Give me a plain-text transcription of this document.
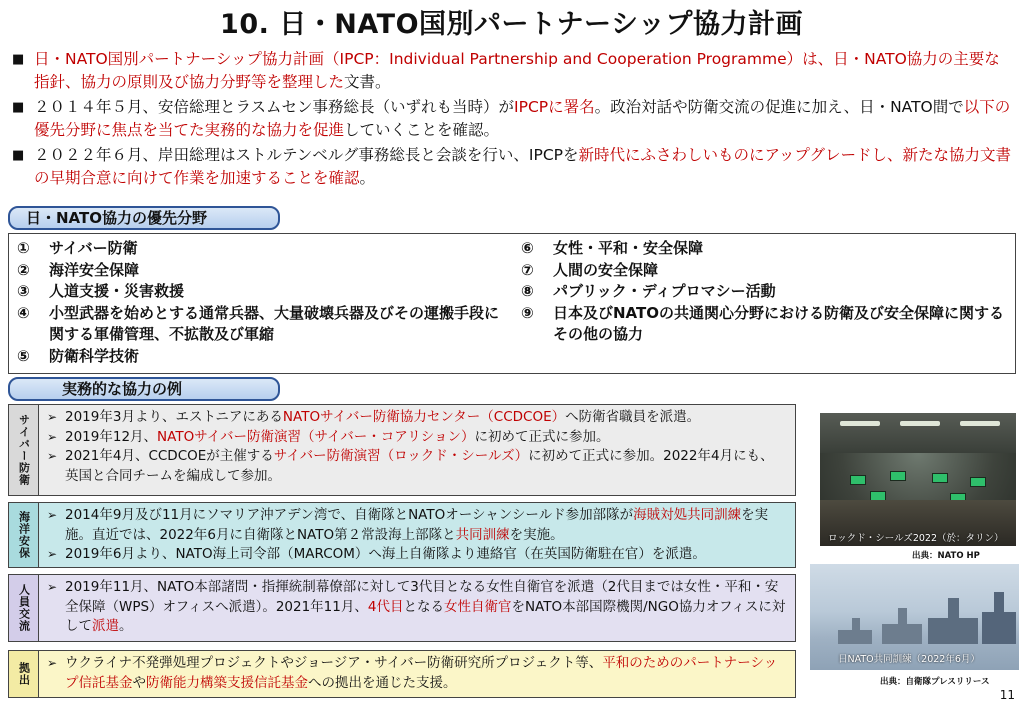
10. 日・NATO国別パートナーシップ協力計画
■ 日・NATO国別パートナーシップ協力計画（IPCP：Individual Partnership and Cooperation Programme）は、日・NATO協力の主要な指針、協力の原則及び協力分野等を整理した文書。
■ ２０１４年５月、安倍総理とラスムセン事務総長（いずれも当時）がIPCPに署名。政治対話や防衛交流の促進に加え、日・NATO間で以下の優先分野に焦点を当てた実務的な協力を促進していくことを確認。
■ ２０２２年６月、岸田総理はストルテンベルグ事務総長と会談を行い、IPCPを新時代にふさわしいものにアップグレードし、新たな協力文書の早期合意に向けて作業を加速することを確認。
日・NATO協力の優先分野
①	サイバー防衛
②	海洋安全保障
③	人道支援・災害救援
④	小型武器を始めとする通常兵器、大量破壊兵器及びその運搬手段に関する軍備管理、不拡散及び軍縮
⑤	防衛科学技術
⑥	女性・平和・安全保障
⑦	人間の安全保障
⑧	パブリック・ディプロマシー活動
⑨	日本及びNATOの共通関心分野における防衛及び安全保障に関するその他の協力
実務的な協力の例
サイバー防衛 ➢ 2019年3月より、エストニアにあるNATOサイバー防衛協力センター（CCDCOE）へ防衛省職員を派遣。
➢ 2019年12月、NATOサイバー防衛演習（サイバー・コアリション）に初めて正式に参加。
➢ 2021年4月、CCDCOEが主催するサイバー防衛演習（ロックド・シールズ）に初めて正式に参加。2022年4月にも、英国と合同チームを編成して参加。
海洋安保 ➢ 2014年9月及び11月にソマリア沖アデン湾で、自衛隊とNATOオーシャンシールド参加部隊が海賊対処共同訓練を実施。直近では、2022年6月に自衛隊とNATO第２常設海上部隊と共同訓練を実施。
➢ 2019年6月より、NATO海上司令部（MARCOM）へ海上自衛隊より連絡官（在英国防衛駐在官）を派遣。
人員交流 ➢ 2019年11月、NATO本部諸問・指揮統制幕僚部に対して3代目となる女性自衛官を派遣（2代目までは女性・平和・安全保障（WPS）オフィスへ派遣）。2021年11月、4代目となる女性自衛官をNATO本部国際機関/NGO協力オフィスに対して派遣。
拠出 ➢ ウクライナ不発弾処理プロジェクトやジョージア・サイバー防衛研究所プロジェクト等、平和のためのパートナーシップ信託基金や防衛能力構築支援信託基金への拠出を通じた支援。
ロックド・シールズ2022（於：タリン）
出典：NATO HP
日NATO共同訓練（2022年6月）
出典：自衛隊プレスリリース
11
